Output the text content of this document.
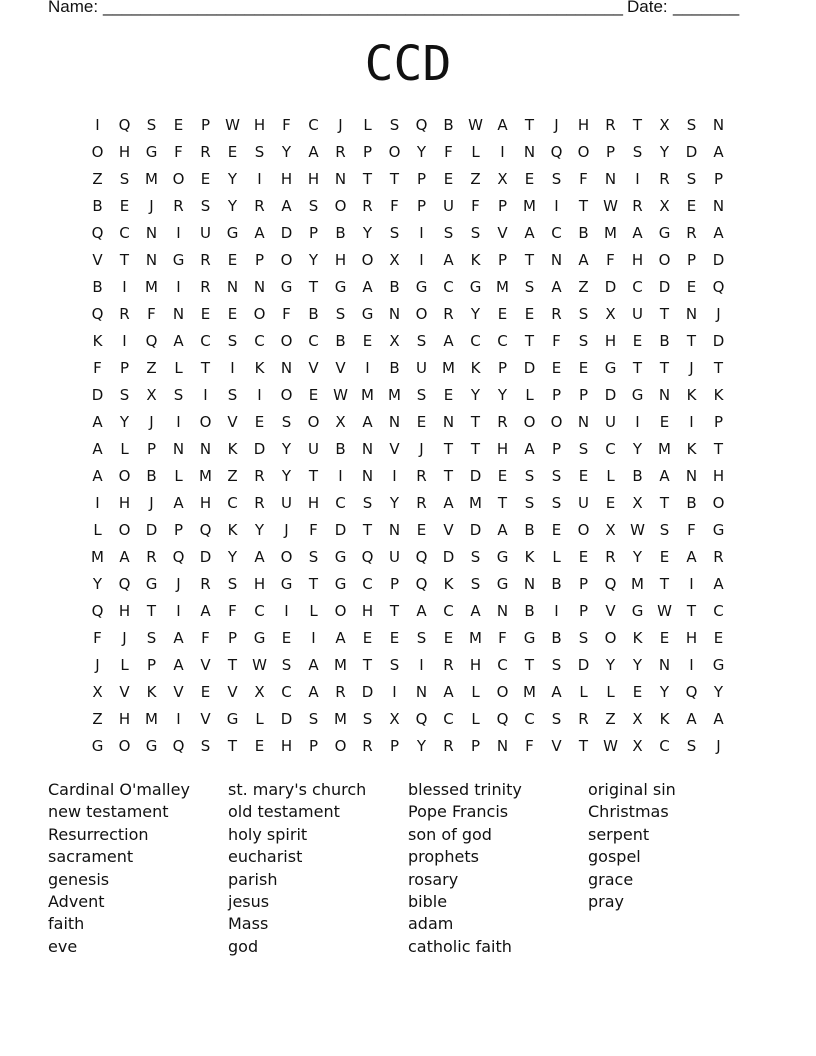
Name: _______________________________________________________ Date: _______
CCD
I	Q	S	E	P	W H	F	C	J	L	S	Q	B W A	T	J	H	R	T	X	S	N
O	H	G	F	R	E	S	Y	A	R	P	O	Y	F	L	I	N	Q	O	P	S	Y	D	A
Z	S	M O	E	Y	I	H	H	N	T	T	P	E	Z	X	E	S	F	N	I	R	S	P
B	E	J	R	S	Y	R	A	S	O	R	F	P	U	F	P	M	I	T	W R	X	E	N
Q	C	N	I	U	G	A	D	P	B	Y	S	I	S	S	V	A	C	B	M	A	G	R	A
V	T	N	G	R	E	P	O	Y	H	O	X	I	A	K	P	T	N	A	F	H	O	P	D
B	I	M	I	R	N	N	G	T	G	A	B	G	C	G M	S	A	Z	D	C	D	E	Q
Q	R	F	N	E	E	O	F	B	S	G	N	O	R	Y	E	E	R	S	X	U	T	N	J
K	I	Q	A	C	S	C	O	C	B	E	X	S	A	C	C	T	F	S	H	E	B	T	D
F	P	Z	L	T	I	K	N	V	V	I	B	U	M	K	P	D	E	E	G	T	T	J	T
D	S	X	S	I	S	I	O	E W M M	S	E	Y	Y	L	P	P	D	G	N	K	K
A	Y	J	I	O	V	E	S	O	X	A	N	E	N	T	R	O	O	N	U	I	E	I	P
A	L	P	N	N	K	D	Y	U	B	N	V	J	T	T	H	A	P	S	C	Y	M	K	T
A	O	B	L	M	Z	R	Y	T	I	N	I	R	T	D	E	S	S	E	L	B	A	N	H
I	H	J	A	H	C	R	U	H	C	S	Y	R	A	M	T	S	S	U	E	X	T	B	O
L	O	D	P	Q	K	Y	J	F	D	T	N	E	V	D	A	B	E	O	X W S	F	G
M	A	R	Q	D	Y	A	O	S	G	Q	U	Q	D	S	G	K	L	E	R	Y	E	A	R
Y	Q	G	J	R	S	H	G	T	G	C	P	Q	K	S	G	N	B	P	Q M	T	I	A
Q	H	T	I	A	F	C	I	L	O	H	T	A	C	A	N	B	I	P	V	G W T	C
F	J	S	A	F	P	G	E	I	A	E	E	S	E	M	F	G	B	S	O	K	E	H	E
J	L	P	A	V	T	W S	A	M	T	S	I	R	H	C	T	S	D	Y	Y	N	I	G
X	V	K	V	E	V	X	C	A	R	D	I	N	A	L	O M	A	L	L	E	Y	Q	Y
Z	H M	I	V	G	L	D	S	M	S	X	Q	C	L	Q	C	S	R	Z	X	K	A	A
G	O	G	Q	S	T	E	H	P	O	R	P	Y	R	P	N	F	V	T	W X	C	S	J
Cardinal O'malley
new testament
Resurrection
sacrament
genesis
Advent
faith
eve
st. mary's church
old testament
holy spirit
eucharist
parish
jesus
Mass
god
blessed trinity
Pope Francis
son of god
prophets
rosary
bible
adam
catholic faith
original sin
Christmas
serpent
gospel
grace
pray
